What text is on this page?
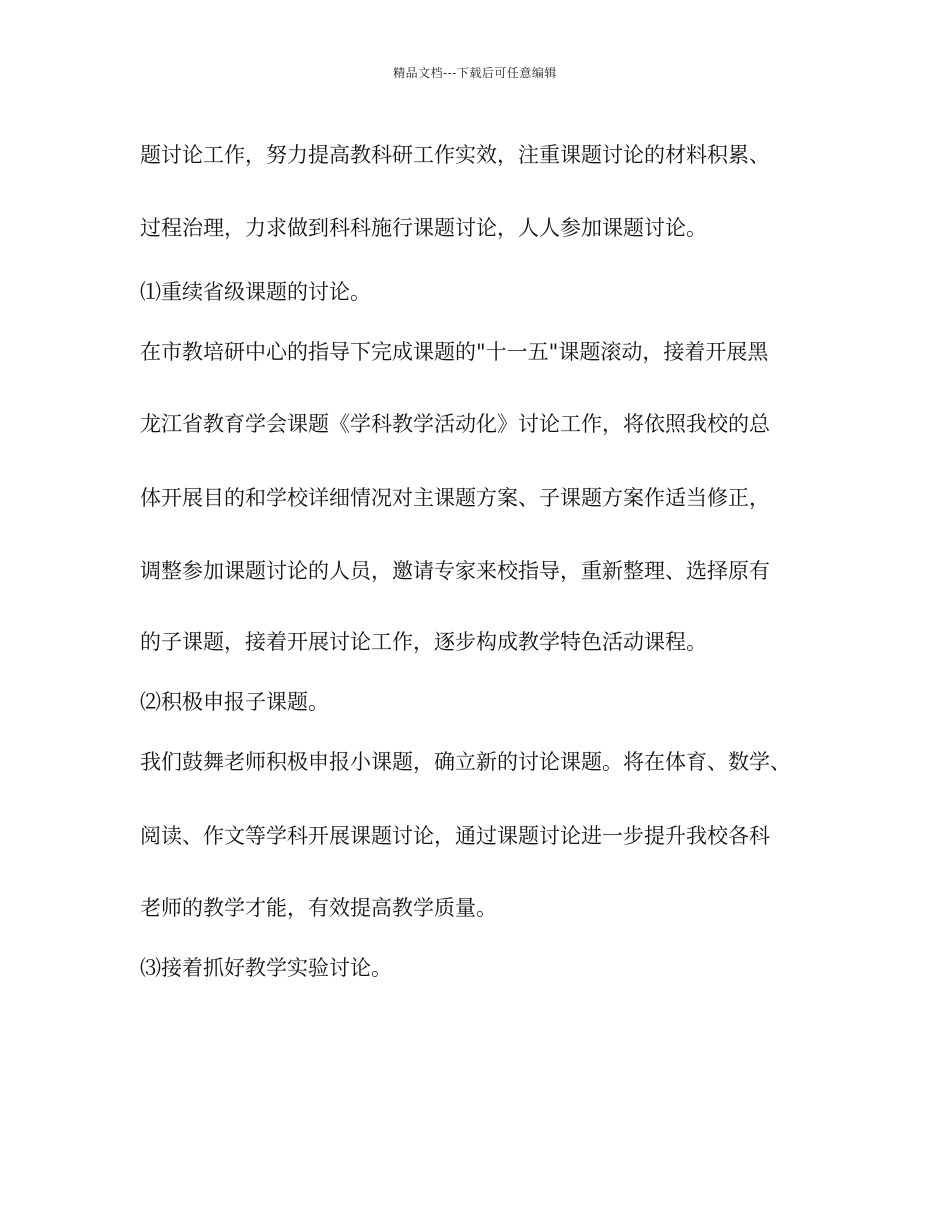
精品文档---下载后可任意编辑
题讨论工作，努力提高教科研工作实效，注重课题讨论的材料积累、
过程治理，力求做到科科施行课题讨论，人人参加课题讨论。
⑴重续省级课题的讨论。
在市教培研中心的指导下完成课题的"十一五"课题滚动，接着开展黑
龙江省教育学会课题《学科教学活动化》讨论工作，将依照我校的总
体开展目的和学校详细情况对主课题方案、子课题方案作适当修正，
调整参加课题讨论的人员，邀请专家来校指导，重新整理、选择原有
的子课题，接着开展讨论工作，逐步构成教学特色活动课程。
⑵积极申报子课题。
我们鼓舞老师积极申报小课题，确立新的讨论课题。将在体育、数学、
阅读、作文等学科开展课题讨论，通过课题讨论进一步提升我校各科
老师的教学才能，有效提高教学质量。
⑶接着抓好教学实验讨论。
